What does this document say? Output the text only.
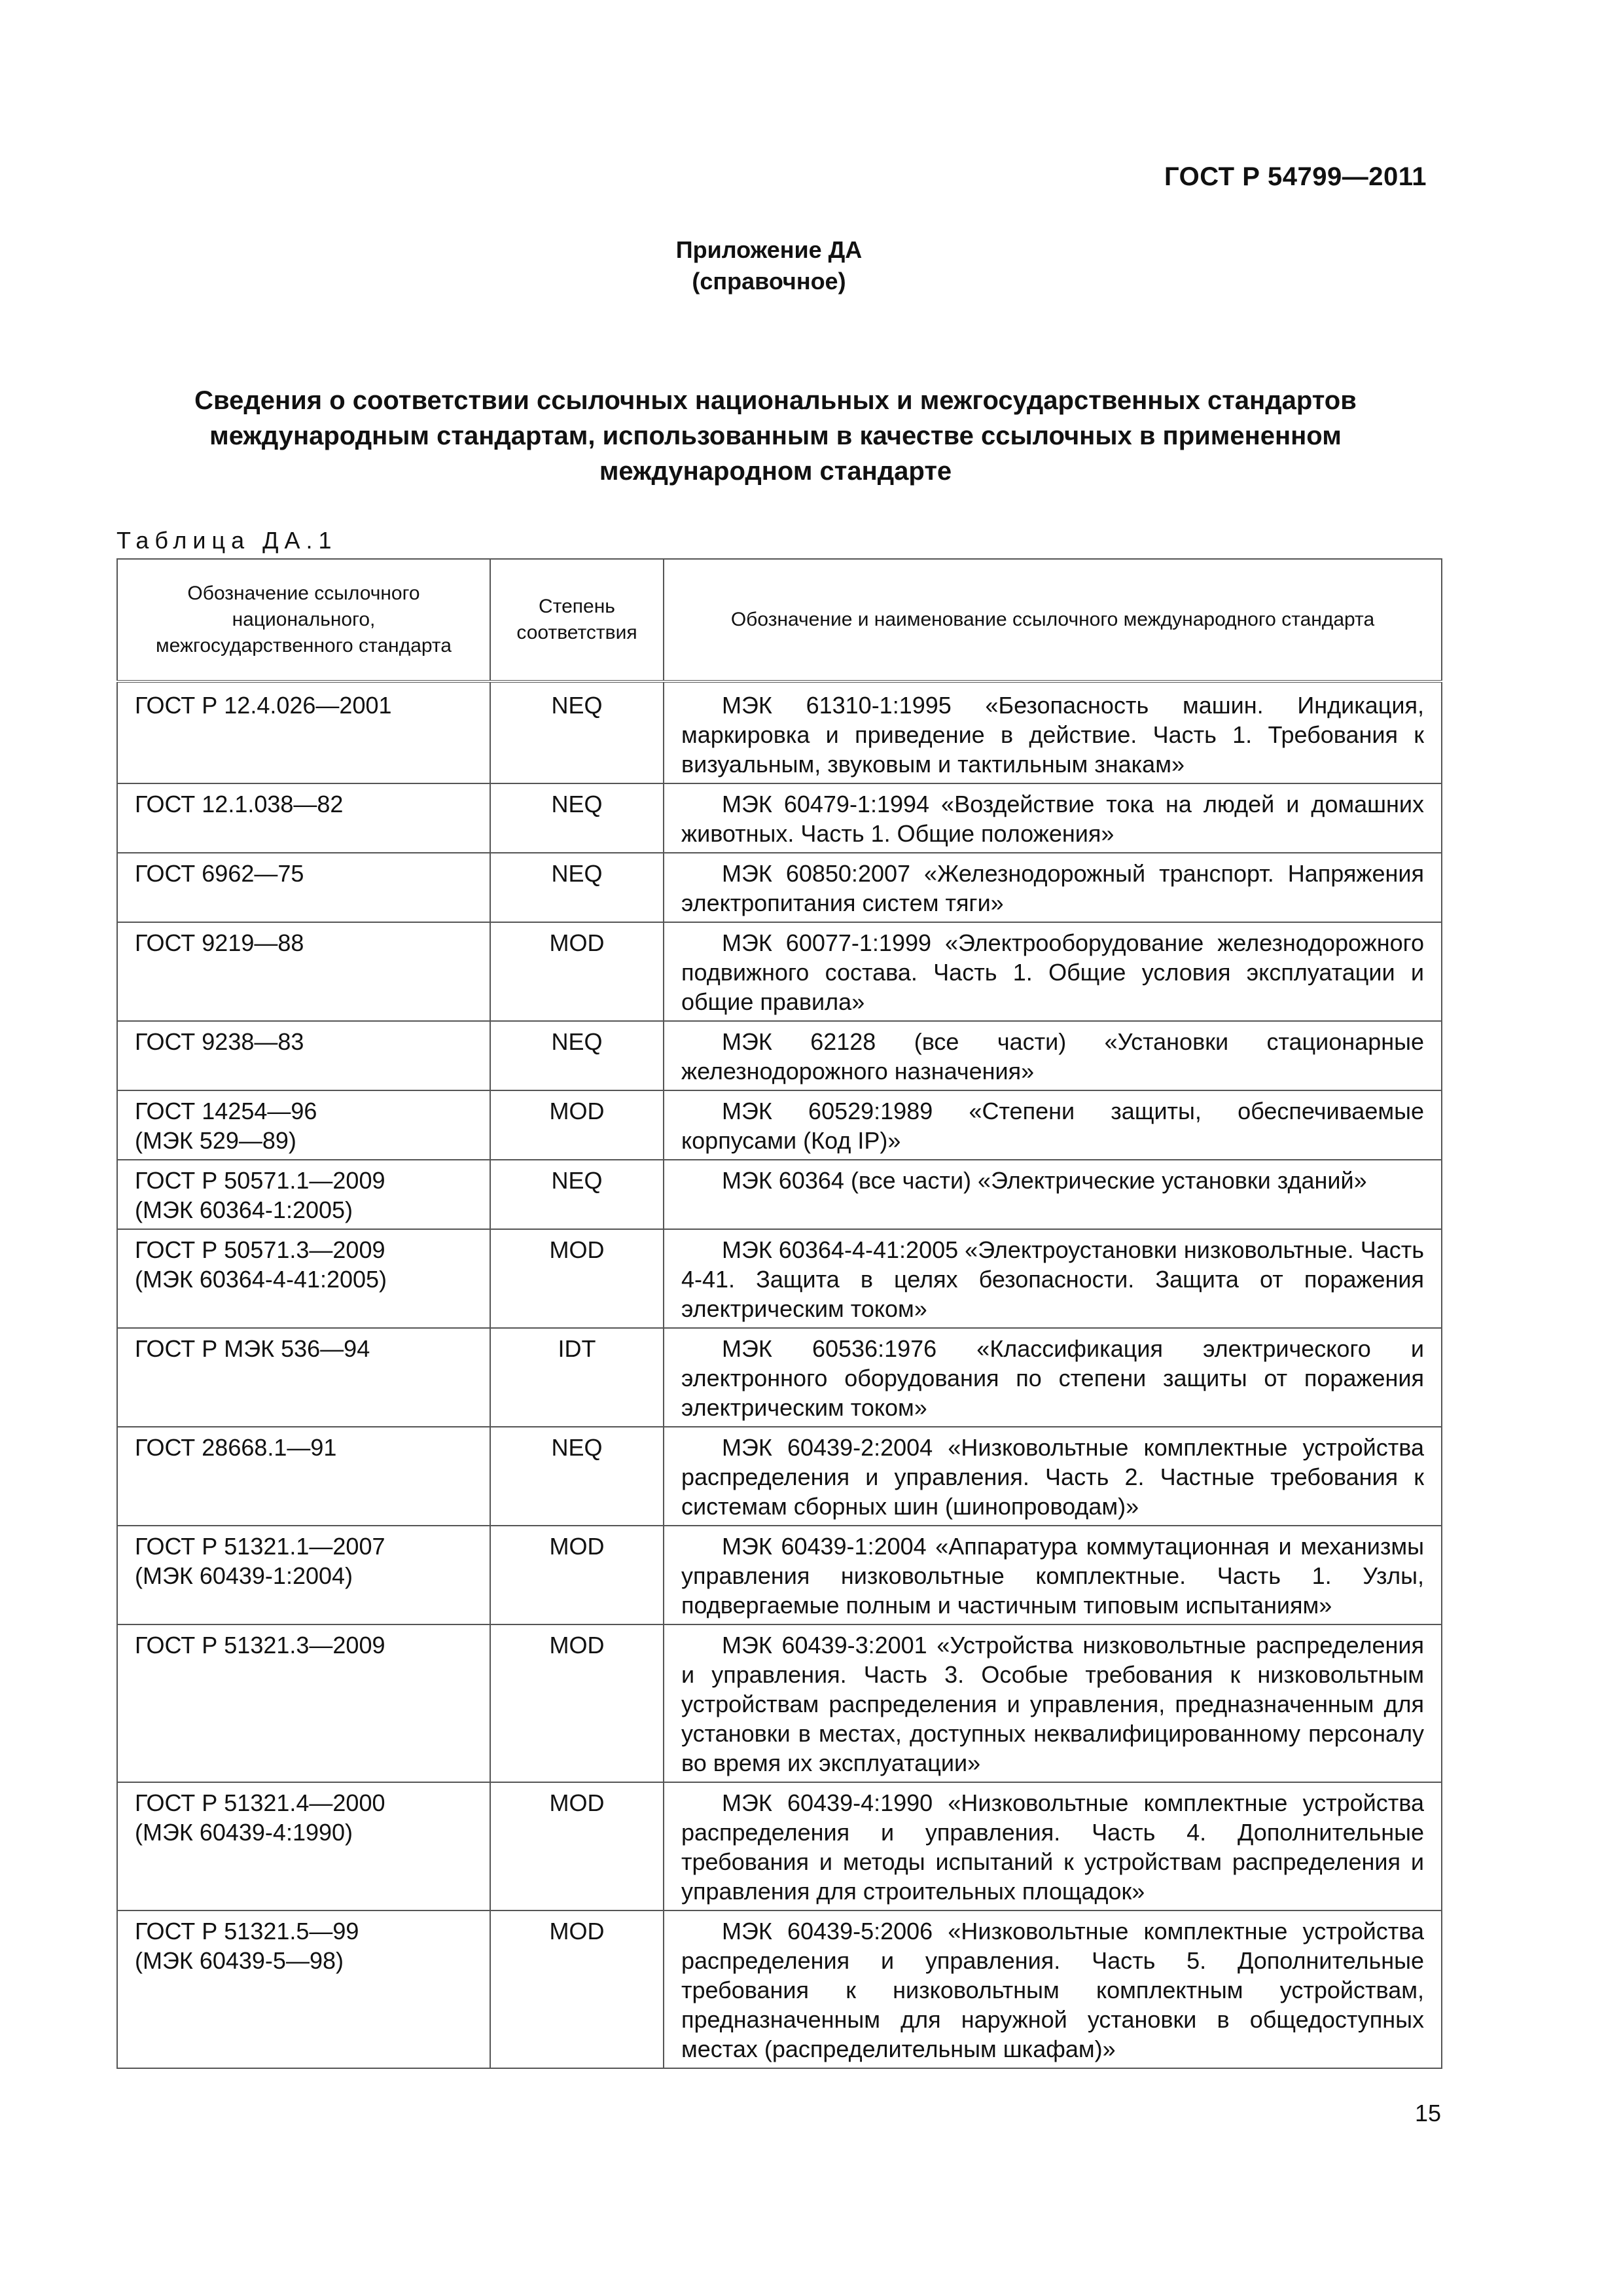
ГОСТ Р 54799—2011
Приложение ДА
(справочное)
Сведения о соответствии ссылочных национальных и межгосударственных стандартов
международным стандартам, использованным в качестве ссылочных в примененном
международном стандарте
Таблица ДА.1
Обозначение ссылочного национального, межгосударственного стандарта	Степень соответствия	Обозначение и наименование ссылочного международного стандарта

ГОСТ Р 12.4.026—2001	NEQ	МЭК 61310-1:1995 «Безопасность машин. Индикация, маркировка и приведение в действие. Часть 1. Требования к визуальным, звуковым и тактильным знакам»

ГОСТ 12.1.038—82	NEQ	МЭК 60479-1:1994 «Воздействие тока на людей и домашних животных. Часть 1. Общие положения»

ГОСТ 6962—75	NEQ	МЭК 60850:2007 «Железнодорожный транспорт. Напряжения электропитания систем тяги»

ГОСТ 9219—88	MOD	МЭК 60077-1:1999 «Электрооборудование железнодорожного подвижного состава. Часть 1. Общие условия эксплуатации и общие правила»

ГОСТ 9238—83	NEQ	МЭК 62128 (все части) «Установки стационарные железнодорожного назначения»

ГОСТ 14254—96
(МЭК 529—89)	MOD	МЭК 60529:1989 «Степени защиты, обеспечиваемые корпусами (Код IP)»

ГОСТ Р 50571.1—2009
(МЭК 60364-1:2005)	NEQ	МЭК 60364 (все части) «Электрические установки зданий»

ГОСТ Р 50571.3—2009
(МЭК 60364-4-41:2005)	MOD	МЭК 60364-4-41:2005 «Электроустановки низковольтные. Часть 4-41. Защита в целях безопасности. Защита от поражения электрическим током»

ГОСТ Р МЭК 536—94	IDT	МЭК 60536:1976 «Классификация электрического и электронного оборудования по степени защиты от поражения электрическим током»

ГОСТ 28668.1—91	NEQ	МЭК 60439-2:2004 «Низковольтные комплектные устройства распределения и управления. Часть 2. Частные требования к системам сборных шин (шинопроводам)»

ГОСТ Р 51321.1—2007
(МЭК 60439-1:2004)	MOD	МЭК 60439-1:2004 «Аппаратура коммутационная и механизмы управления низковольтные комплектные. Часть 1. Узлы, подвергаемые полным и частичным типовым испытаниям»

ГОСТ Р 51321.3—2009	MOD	МЭК 60439-3:2001 «Устройства низковольтные распределения и управления. Часть 3. Особые требования к низковольтным устройствам распределения и управления, предназначенным для установки в местах, доступных неквалифицированному персоналу во время их эксплуатации»

ГОСТ Р 51321.4—2000
(МЭК 60439-4:1990)	MOD	МЭК 60439-4:1990 «Низковольтные комплектные устройства распределения и управления. Часть 4. Дополнительные требования и методы испытаний к устройствам распределения и управления для строительных площадок»

ГОСТ Р 51321.5—99
(МЭК 60439-5—98)	MOD	МЭК 60439-5:2006 «Низковольтные комплектные устройства распределения и управления. Часть 5. Дополнительные требования к низковольтным комплектным устройствам, предназначенным для наружной установки в общедоступных местах (распределительным шкафам)»
15
